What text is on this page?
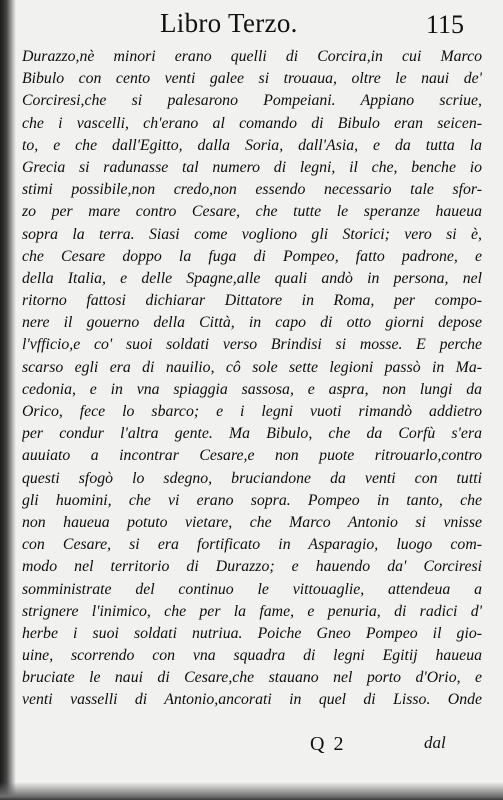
Libro Terzo.	115
Durazzo,nè minori erano quelli di Corcira,in cui Marco
Bibulo con cento venti galee si trouaua, oltre le naui de'
Corciresi,che si palesarono Pompeiani. Appiano scriue,
che i vascelli, ch'erano al comando di Bibulo eran seicen-
to, e che dall'Egitto, dalla Soria, dall'Asia, e da tutta la
Grecia si radunasse tal numero di legni, il che, benche io
stimi possibile,non credo,non essendo necessario tale sfor-
zo per mare contro Cesare, che tutte le speranze haueua
sopra la terra. Siasi come vogliono gli Storici; vero si è,
che Cesare doppo la fuga di Pompeo, fatto padrone, e
della Italia, e delle Spagne,alle quali andò in persona, nel
ritorno fattosi dichiarar Dittatore in Roma, per compo-
nere il gouerno della Città, in capo di otto giorni depose
l'vfficio,e co' suoi soldati verso Brindisi si mosse. E perche
scarso egli era di nauilio, cô sole sette legioni passò in Ma-
cedonia, e in vna spiaggia sassosa, e aspra, non lungi da
Orico, fece lo sbarco; e i legni vuoti rimandò addietro
per condur l'altra gente. Ma Bibulo, che da Corfù s'era
auuiato a incontrar Cesare,e non puote ritrouarlo,contro
questi sfogò lo sdegno, bruciandone da venti con tutti
gli huomini, che vi erano sopra. Pompeo in tanto, che
non haueua potuto vietare, che Marco Antonio si vnisse
con Cesare, si era fortificato in Asparagio, luogo com-
modo nel territorio di Durazzo; e hauendo da' Corciresi
somministrate del continuo le vittouaglie, attendeua a
strignere l'inimico, che per la fame, e penuria, di radici d'
herbe i suoi soldati nutriua. Poiche Gneo Pompeo il gio-
uine, scorrendo con vna squadra di legni Egitij haueua
bruciate le naui di Cesare,che stauano nel porto d'Orio, e
venti vasselli di Antonio,ancorati in quel di Lisso. Onde
Q 2	dal
